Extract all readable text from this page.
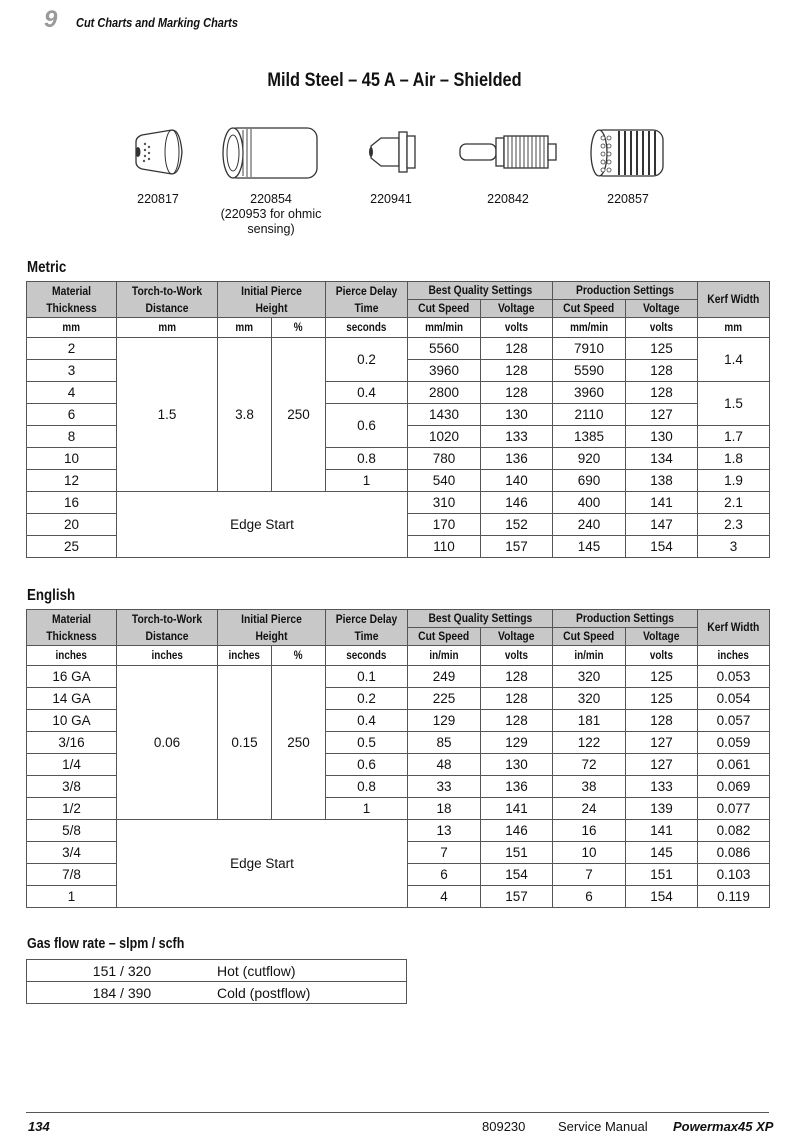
9 Cut Charts and Marking Charts
Mild Steel – 45 A – Air – Shielded
220817	220854
(220953 for ohmic sensing)
220941	220842	220857
Metric
Material Thickness	Torch-to-Work Distance	Initial Pierce Height		Pierce Delay Time	Best Quality Settings		Production Settings		Kerf Width
					Cut Speed	Voltage	Cut Speed	Voltage	
mm	mm	mm	%	seconds	mm/min	volts	mm/min	volts	mm
2	1.5	3.8	250	0.2	5560	128	7910	125	1.4
3					3960	128	5590	128	
4				0.4	2800	128	3960	128	1.5
6				0.6	1430	130	2110	127	
8					1020	133	1385	130	1.7
10				0.8	780	136	920	134	1.8
12				1	540	140	690	138	1.9
16	Edge Start				310	146	400	141	2.1
20					170	152	240	147	2.3
25					110	157	145	154	3
English
Material Thickness	Torch-to-Work Distance	Initial Pierce Height		Pierce Delay Time	Best Quality Settings		Production Settings		Kerf Width
					Cut Speed	Voltage	Cut Speed	Voltage	
inches	inches	inches	%	seconds	in/min	volts	in/min	volts	inches
16 GA	0.06	0.15	250	0.1	249	128	320	125	0.053
14 GA				0.2	225	128	320	125	0.054
10 GA				0.4	129	128	181	128	0.057
3/16				0.5	85	129	122	127	0.059
1/4				0.6	48	130	72	127	0.061
3/8				0.8	33	136	38	133	0.069
1/2				1	18	141	24	139	0.077
5/8	Edge Start				13	146	16	141	0.082
3/4					7	151	10	145	0.086
7/8					6	154	7	151	0.103
1					4	157	6	154	0.119
Gas flow rate – slpm / scfh
151 / 320	Hot (cutflow)
184 / 390	Cold (postflow)
134	809230	Service Manual Powermax45 XP
